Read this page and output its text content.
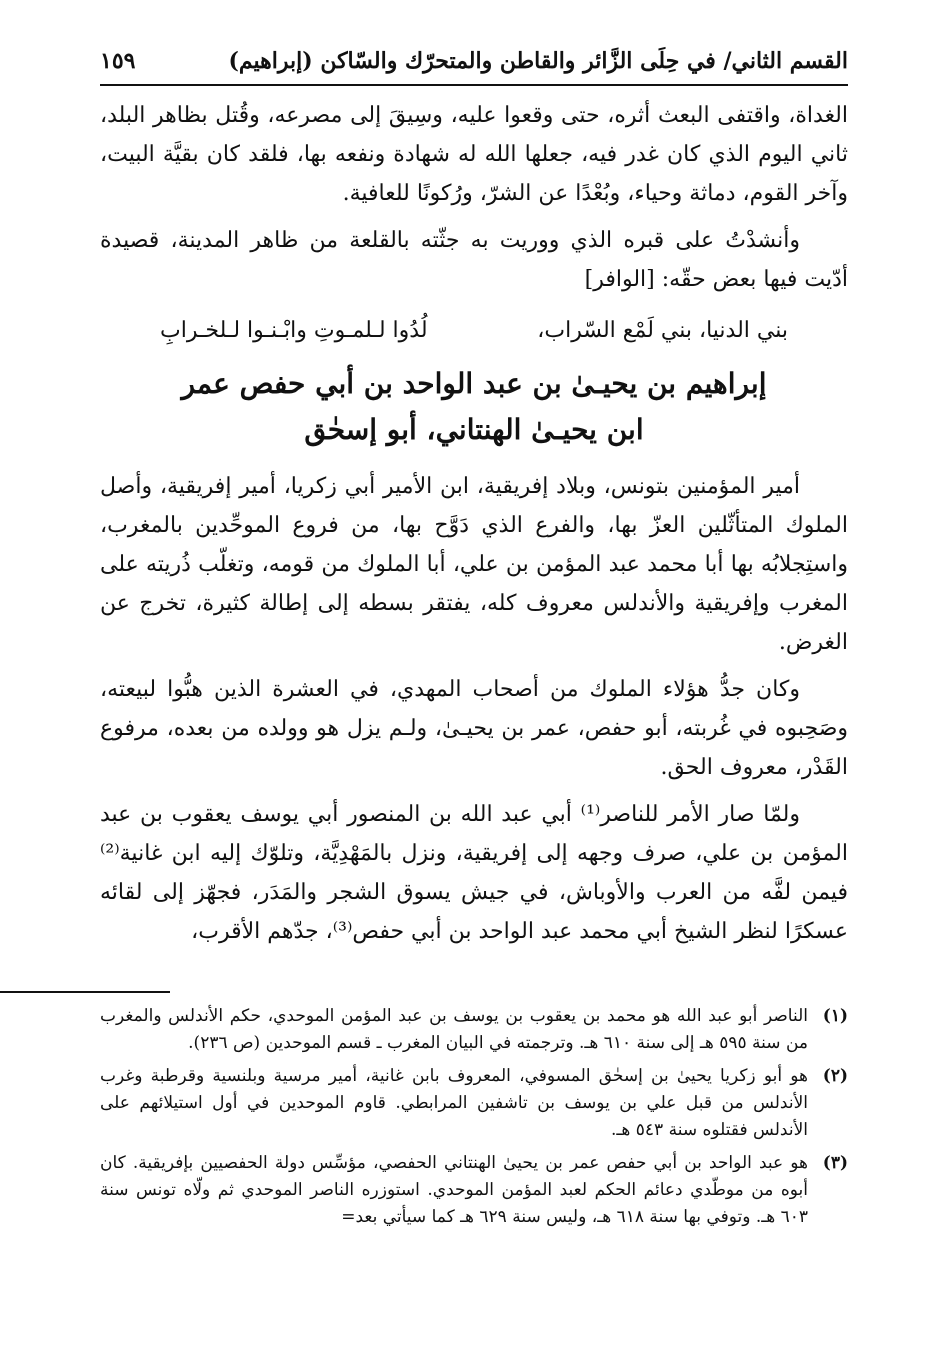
القسم الثاني/ في حِلَى الزَّائر والقاطن والمتحرّك والسّاكن (إبراهيم)
١٥٩

الغداة، واقتفى البعث أثره، حتى وقعوا عليه، وسِيقَ إلى مصرعه، وقُتل بظاهر البلد، ثاني اليوم الذي كان غدر فيه، جعلها الله له شهادة ونفعه بها، فلقد كان بقيَّة البيت، وآخر القوم، دماثة وحياء، وبُعْدًا عن الشرّ، ورُكونًا للعافية.

وأنشدْتُ على قبره الذي ووريت به جثّته بالقلعة من ظاهر المدينة، قصيدة أدّيت فيها بعض حقّه: [الوافر]

بني الدنيا، بني لَمْع السّراب،
لُدُوا لـلمـوتِ وابْـنـوا لـلخـرابِ
إبراهيم بن يحيـىٰ بن عبد الواحد بن أبي حفص عمر
ابن يحيـىٰ الهنتاني، أبو إسحٰق

أمير المؤمنين بتونس، وبلاد إفريقية، ابن الأمير أبي زكريا، أمير إفريقية، وأصل الملوك المتأثّلين العزّ بها، والفرع الذي دَوَّح بها، من فروع الموحِّدين بالمغرب، واستِجلابُه بها أبا محمد عبد المؤمن بن علي، أبا الملوك من قومه، وتغلّب ذُريته على المغرب وإفريقية والأندلس معروف كله، يفتقر بسطه إلى إطالة كثيرة، تخرج عن الغرض.

وكان جدُّ هؤلاء الملوك من أصحاب المهدي، في العشرة الذين هبُّوا لبيعته، وصَحِبوه في غُربته، أبو حفص، عمر بن يحيـىٰ، ولـم يزل هو وولده من بعده، مرفوع القَدْر، معروف الحق.

ولمّا صار الأمر للناصر⁽¹⁾ أبي عبد الله بن المنصور أبي يوسف يعقوب بن عبد المؤمن بن علي، صرف وجهه إلى إفريقية، ونزل بالمَهْدِيَّة، وتلوّك إليه ابن غانية⁽²⁾ فيمن لفَّه من العرب والأوباش، في جيش يسوق الشجر والمَدَر، فجهّز إلى لقائه عسكرًا لنظر الشيخ أبي محمد عبد الواحد بن أبي حفص⁽³⁾، جدّهم الأقرب،

(١)
الناصر أبو عبد الله هو محمد بن يعقوب بن يوسف بن عبد المؤمن الموحدي، حكم الأندلس والمغرب من سنة ٥٩٥ هـ إلى سنة ٦١٠ هـ. وترجمته في البيان المغرب ـ قسم الموحدين (ص ٢٣٦).
(٢)
هو أبو زكريا يحيىٰ بن إسحٰق المسوفي، المعروف بابن غانية، أمير مرسية وبلنسية وقرطبة وغرب الأندلس من قبل علي بن يوسف بن تاشفين المرابطي. قاوم الموحدين في أول استيلائهم على الأندلس فقتلوه سنة ٥٤٣ هـ.
(٣)
هو عبد الواحد بن أبي حفص عمر بن يحيىٰ الهنتاني الحفصي، مؤسِّس دولة الحفصيين بإفريقية. كان أبوه من موطّدي دعائم الحكم لعبد المؤمن الموحدي. استوزره الناصر الموحدي ثم ولّاه تونس سنة ٦٠٣ هـ. وتوفي بها سنة ٦١٨ هـ، وليس سنة ٦٢٩ هـ كما سيأتي بعد=
